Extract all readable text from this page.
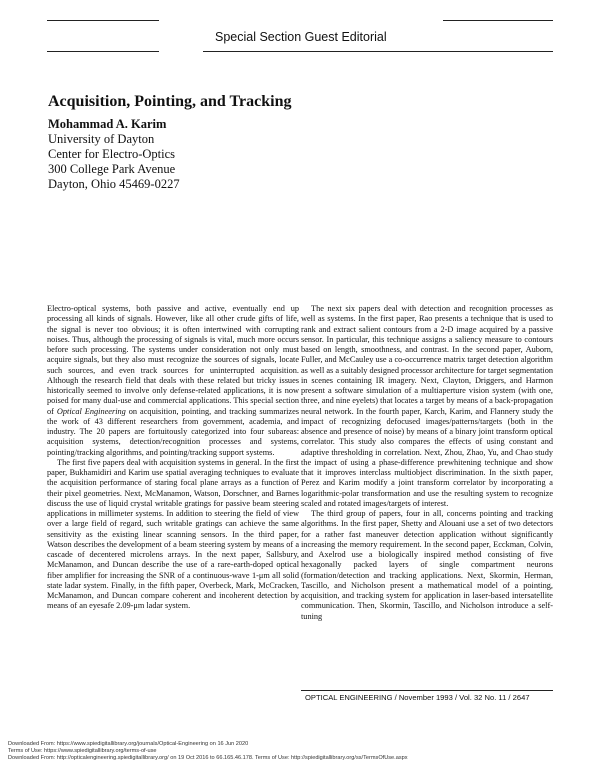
Special Section Guest Editorial
Acquisition, Pointing, and Tracking
Mohammad A. Karim
University of Dayton
Center for Electro-Optics
300 College Park Avenue
Dayton, Ohio 45469-0227

Electro-optical systems, both passive and active, eventually end up processing all kinds of signals. However, like all other crude gifts of life, the signal is never too obvious; it is often intertwined with corrupting noises. Thus, although the processing of signals is vital, much more occurs before such processing. The systems under consideration not only must acquire signals, but they also must recognize the sources of signals, locate such sources, and even track sources for uninterrupted acquisition. Although the research field that deals with these related but tricky issues historically seemed to involve only defense-related applications, it is now poised for many dual-use and commercial applications. This special section of Optical Engineering on acquisition, pointing, and tracking summarizes the work of 43 different researchers from government, academia, and industry. The 20 papers are fortuitously categorized into four subareas: acquisition systems, detection/recognition processes and systems, pointing/tracking algorithms, and pointing/tracking support systems.

The first five papers deal with acquisition systems in general. In the first paper, Bukhamidiri and Karim use spatial averaging techniques to evaluate the acquisition performance of staring focal plane arrays as a function of their pixel geometries. Next, McManamon, Watson, Dorschner, and Barnes discuss the use of liquid crystal writable gratings for passive beam steering applications in millimeter systems. In addition to steering the field of view over a large field of regard, such writable gratings can achieve the same sensitivity as the existing linear scanning sensors. In the third paper, Watson describes the development of a beam steering system by means of a cascade of decentered microlens arrays. In the next paper, Sallsbury, McManamon, and Duncan describe the use of a rare-earth-doped optical fiber amplifier for increasing the SNR of a continuous-wave 1-μm all solid state ladar system. Finally, in the fifth paper, Overbeck, Mark, McCracken, McManamon, and Duncan compare coherent and incoherent detection by means of an eyesafe 2.09-μm ladar system.

The next six papers deal with detection and recognition processes as well as systems. In the first paper, Rao presents a technique that is used to rank and extract salient contours from a 2-D image acquired by a passive sensor. In particular, this technique assigns a saliency measure to contours based on length, smoothness, and contrast. In the second paper, Auborn, Fuller, and McCauley use a co-occurrence matrix target detection algorithm as well as a suitably designed processor architecture for target segmentation in scenes containing IR imagery. Next, Clayton, Driggers, and Harmon present a software simulation of a multiaperture vision system (with one, three, and nine eyelets) that locates a target by means of a back-propagation neural network. In the fourth paper, Karch, Karim, and Flannery study the impact of recognizing defocused images/patterns/targets (both in the absence and presence of noise) by means of a binary joint transform optical correlator. This study also compares the effects of using constant and adaptive thresholding in correlation. Next, Zhou, Zhao, Yu, and Chao study the impact of using a phase-difference prewhitening technique and show that it improves interclass multiobject discrimination. In the sixth paper, Perez and Karim modify a joint transform correlator by incorporating a logarithmic-polar transformation and use the resulting system to recognize scaled and rotated images/targets of interest.

The third group of papers, four in all, concerns pointing and tracking algorithms. In the first paper, Shetty and Alouani use a set of two detectors for a rather fast maneuver detection application without significantly increasing the memory requirement. In the second paper, Ecckman, Colvin, and Axelrod use a biologically inspired method consisting of five hexagonally packed layers of single compartment neurons (formation/detection and tracking applications. Next, Skormin, Herman, Tascillo, and Nicholson present a mathematical model of a pointing, acquisition, and tracking system for application in laser-based intersatellite communication. Then, Skormin, Tascillo, and Nicholson introduce a self-tuning

OPTICAL ENGINEERING / November 1993 / Vol. 32 No. 11 / 2647
Downloaded From: https://www.spiedigitallibrary.org/journals/Optical-Engineering on 16 Jun 2020
Terms of Use: https://www.spiedigitallibrary.org/terms-of-use
Downloaded From: http://opticalengineering.spiedigitallibrary.org/ on 19 Oct 2016 to 66.165.46.178. Terms of Use: http://spiedigitallibrary.org/ss/TermsOfUse.aspx
